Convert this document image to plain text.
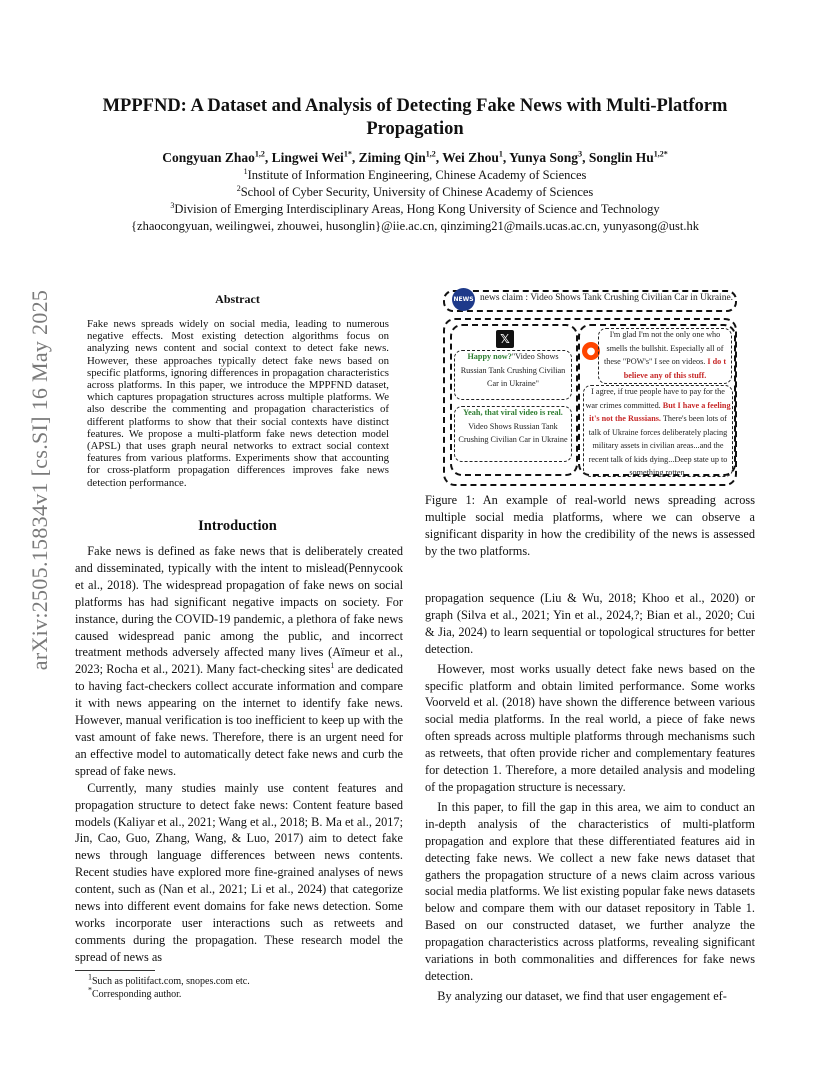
arXiv:2505.15834v1 [cs.SI] 16 May 2025
MPPFND: A Dataset and Analysis of Detecting Fake News with Multi-Platform
Propagation
Congyuan Zhao$^{1,2}$, Lingwei Wei$^{1*}$, Ziming Qin$^{1,2}$, Wei Zhou$^1$, Yunya Song$^3$, Songlin $Hu^{1,2*}$
$^1$Institute of Information Engineering, Chinese Academy of Sciences
$^2$School of Cyber Security, University of Chinese Academy of Sciences
$^3$Division of Emerging Interdisciplinary Areas, Hong Kong University of Science and Technology
{zhaocongyuan, weilingwei, zhouwei, husonglin}@iie.ac.cn, qinziming21@mails.ucas.ac.cn, yunyasong@ust.hk
Abstract
Fake news spreads widely on social media, leading to numerous negative effects. Most existing detection algorithms focus on analyzing news content and social context to detect fake news. However, these approaches typically detect fake news based on specific platforms, ignoring differences in propagation characteristics across platforms. In this paper, we introduce the MPPFND dataset, which captures propagation structures across multiple platforms. We also describe the commenting and propagation characteristics of different platforms to show that their social contexts have distinct features. We propose a multi-platform fake news detection model (APSL) that uses graph neural networks to extract social context features from various platforms. Experiments show that accounting for cross-platform propagation differences improves fake news detection performance.
Introduction

Fake news is defined as fake news that is deliberately created and disseminated, typically with the intent to mislead(Pennycook et al., 2018). The widespread propagation of fake news on social platforms has had significant negative impacts on society. For instance, during the COVID-19 pandemic, a plethora of fake news caused widespread panic among the public, and incorrect treatment methods adversely affected many lives (Aïmeur et al., 2023; Rocha et al., 2021). Many fact-checking sites$^1$ are dedicated to having fact-checkers collect accurate information and compare it with news appearing on the internet to identify fake news. However, manual verification is too inefficient to keep up with the vast amount of fake news. Therefore, there is an urgent need for an effective model to automatically detect fake news and curb the spread of fake news.

Currently, many studies mainly use content features and propagation structure to detect fake news: Content feature based models (Kaliyar et al., 2021; Wang et al., 2018; B. Ma et al., 2017; Jin, Cao, Guo, Zhang, Wang, & Luo, 2017) aim to detect fake news through language differences between news contents. Recent studies have explored more fine-grained analyses of news content, such as (Nan et al., 2021; Li et al., 2024) that categorize news into different event domains for fake news detection. Some works incorporate user interactions such as retweets and comments during the propagation. These research model the spread of news as

$^1$Such as politifact.com, snopes.com etc.
*Corresponding author.
NEWS news claim : Video Shows Tank Crushing Civilian Car in Ukraine.
𝕏
●
Happy now?"Video Shows Russian Tank Crushing Civilian Car in Ukraine"
Yeah, that viral video is real. Video Shows Russian Tank Crushing Civilian Car in Ukraine
I'm glad I'm not the only one who smells the bullshit. Especially all of these "POW's" I see on videos. I do t believe any of this stuff.
I agree, if true people have to pay for the war crimes committed. But I have a feeling it's not the Russians. There's been lots of talk of Ukraine forces deliberately placing military assets in civilian areas...and the recent talk of kids dying...Deep state up to something rotten.
Figure 1: An example of real-world news spreading across multiple social media platforms, where we can observe a significant disparity in how the credibility of the news is assessed by the two platforms.

propagation sequence (Liu & Wu, 2018; Khoo et al., 2020) or graph (Silva et al., 2021; Yin et al., 2024,?; Bian et al., 2020; Cui & Jia, 2024) to learn sequential or topological structures for better detection.

However, most works usually detect fake news based on the specific platform and obtain limited performance. Some works Voorveld et al. (2018) have shown the difference between various social media platforms. In the real world, a piece of fake news often spreads across multiple platforms through mechanisms such as retweets, that often provide richer and complementary features for detection 1. Therefore, a more detailed analysis and modeling of the propagation structure is necessary.

In this paper, to fill the gap in this area, we aim to conduct an in-depth analysis of the characteristics of multi-platform propagation and explore that these differentiated features aid in detecting fake news. We collect a new fake news dataset that gathers the propagation structure of a news claim across various social media platforms. We list existing popular fake news datasets below and compare them with our dataset repository in Table 1. Based on our constructed dataset, we further analyze the propagation characteristics across platforms, revealing significant variations in both commonalities and differences for fake news detection.

By analyzing our dataset, we find that user engagement ef-
